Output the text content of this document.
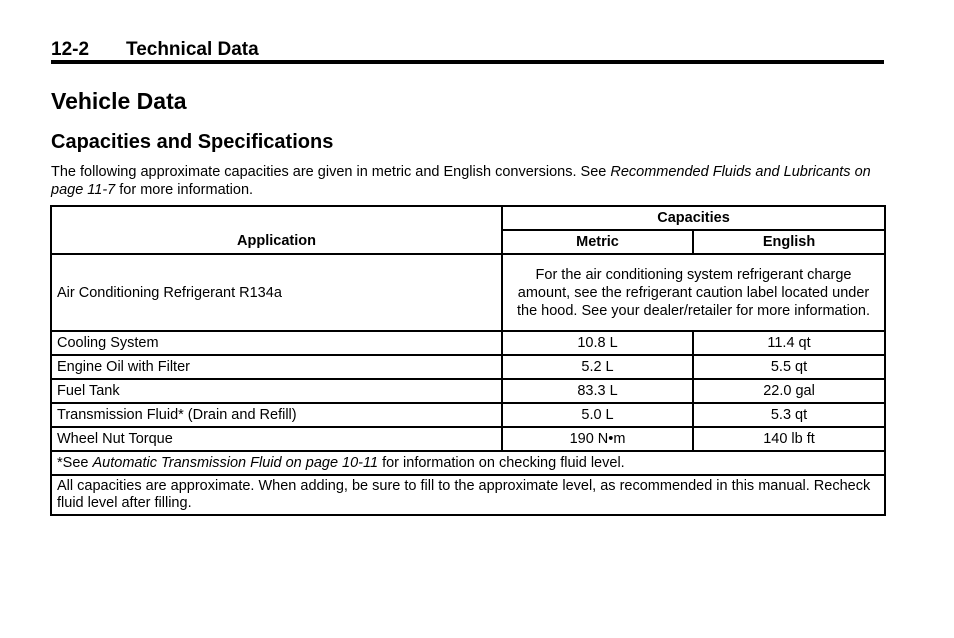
12-2 Technical Data
Vehicle Data
Capacities and Specifications
The following approximate capacities are given in metric and English conversions. See Recommended Fluids and Lubricants on page 11-7 for more information.
Application	Capacities	
	Metric	English
Air Conditioning Refrigerant R134a	For the air conditioning system refrigerant charge amount, see the refrigerant caution label located under the hood. See your dealer/retailer for more information.	
Cooling System	10.8 L	11.4 qt
Engine Oil with Filter	5.2 L	5.5 qt
Fuel Tank	83.3 L	22.0 gal
Transmission Fluid* (Drain and Refill)	5.0 L	5.3 qt
Wheel Nut Torque	190 N•m	140 lb ft
*See Automatic Transmission Fluid on page 10-11 for information on checking fluid level.		
All capacities are approximate. When adding, be sure to fill to the approximate level, as recommended in this manual. Recheck fluid level after filling.		
